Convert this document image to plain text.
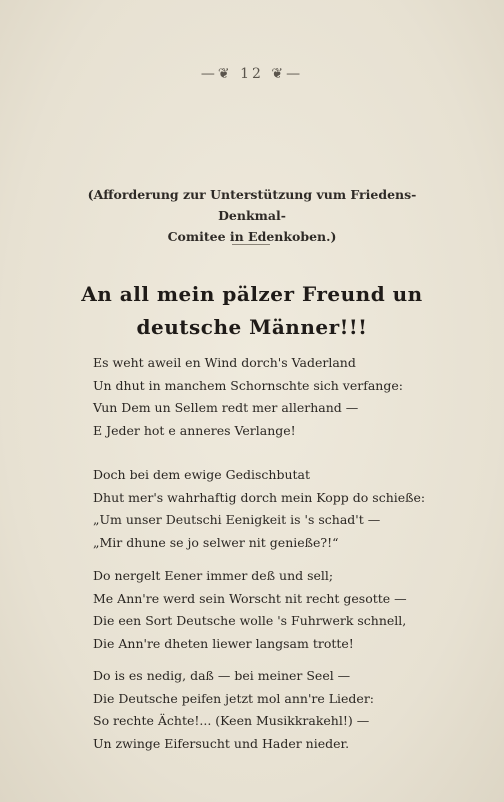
—❦ 12 ❦—
(Afforderung zur Unterstützung vum Friedens-Denkmal-
Comitee in Edenkoben.)
An all mein pälzer Freund un
deutsche Männer!!!
Es weht aweil en Wind dorch's Vaderland
Un dhut in manchem Schornschte sich verfange:
Vun Dem un Sellem redt mer allerhand —
E Jeder hot e anneres Verlange!
Doch bei dem ewige Gedischbutat
Dhut mer's wahrhaftig dorch mein Kopp do schieße:
„Um unser Deutschi Eenigkeit is 's schad't —
„Mir dhune se jo selwer nit genieße?!“
Do nergelt Eener immer deß und sell;
Me Ann're werd sein Worscht nit recht gesotte —
Die een Sort Deutsche wolle 's Fuhrwerk schnell,
Die Ann're dheten liewer langsam trotte!
Do is es nedig, daß — bei meiner Seel —
Die Deutsche peifen jetzt mol ann're Lieder:
So rechte Ächte!... (Keen Musikkrakehl!) —
Un zwinge Eifersucht und Hader nieder.
